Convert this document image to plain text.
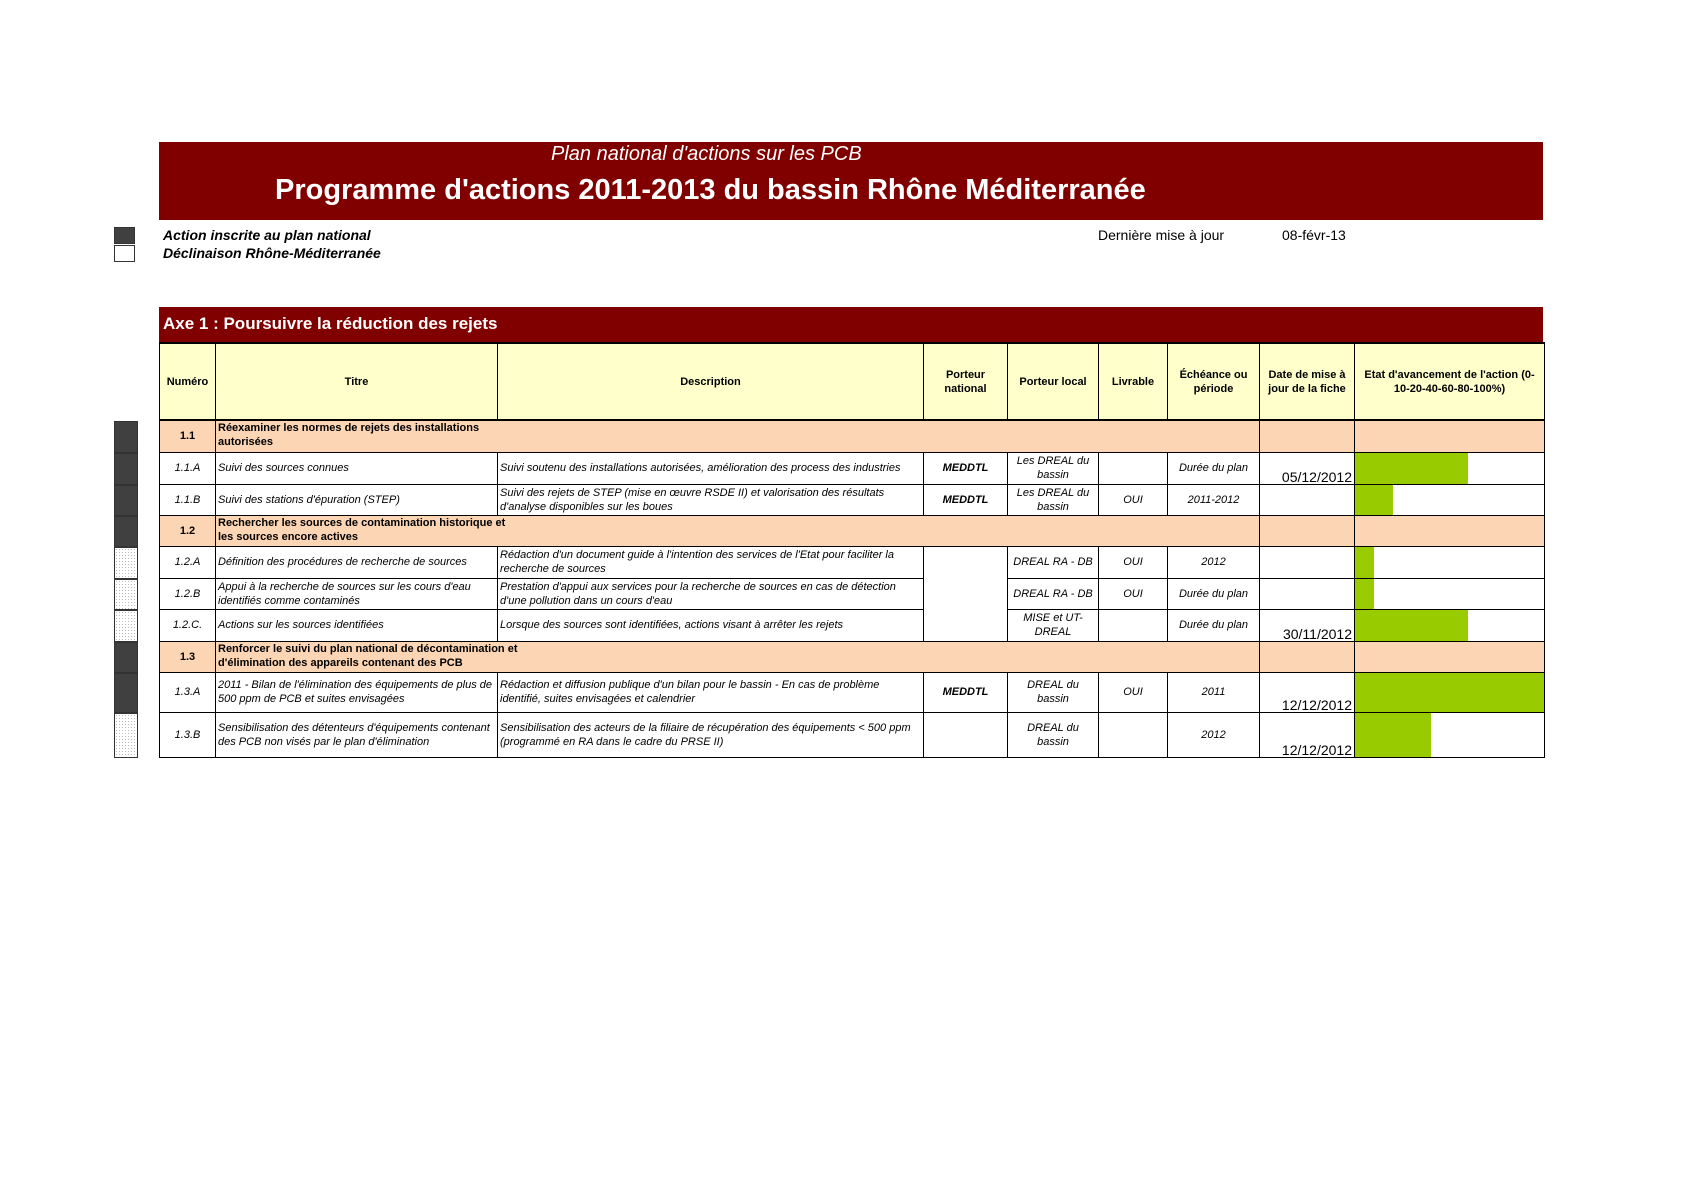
Plan national d'actions sur les PCB
Programme d'actions 2011-2013 du bassin Rhône Méditerranée
Action inscrite au plan national
Déclinaison Rhône-Méditerranée
Dernière mise à jour	08-févr-13
Axe 1 : Poursuivre la réduction des rejets
Numéro	Titre	Description	Porteur national	Porteur local	Livrable	Échéance ou période	Date de mise à jour de la fiche	Etat d'avancement de l'action (0-10-20-40-60-80-100%)
1.1	Réexaminer les normes de rejets des installations autorisées							
1.1.A	Suivi des sources connues	Suivi soutenu des installations autorisées, amélioration des process des industries	MEDDTL	Les DREAL du bassin		Durée du plan	05/12/2012	

1.1.B	Suivi des stations d'épuration (STEP)	Suivi des rejets de STEP (mise en œuvre RSDE II) et valorisation des résultats d'analyse disponibles sur les boues	MEDDTL	Les DREAL du bassin	OUI	2011-2012		

1.2	Rechercher les sources de contamination historique et les sources encore actives							
1.2.A	Définition des procédures de recherche de sources	Rédaction d'un document guide à l'intention des services de l'Etat pour faciliter la recherche de sources		DREAL RA - DB	OUI	2012		

1.2.B	Appui à la recherche de sources sur les cours d'eau identifiés comme contaminés	Prestation d'appui aux services pour la recherche de sources en cas de détection d'une pollution dans un cours d'eau		DREAL RA - DB	OUI	Durée du plan		

1.2.C.	Actions sur les sources identifiées	Lorsque des sources sont identifiées, actions visant à arrêter les rejets		MISE et UT-DREAL		Durée du plan	30/11/2012	

1.3	Renforcer le suivi du plan national de décontamination et d'élimination des appareils contenant des PCB							
1.3.A	2011 - Bilan de l'élimination des équipements de plus de 500 ppm de PCB et suites envisagées	Rédaction et diffusion publique d'un bilan pour le bassin - En cas de problème identifié, suites envisagées et calendrier	MEDDTL	DREAL du bassin	OUI	2011	12/12/2012	

1.3.B	Sensibilisation des détenteurs d'équipements contenant des PCB non visés par le plan d'élimination	Sensibilisation des acteurs de la filiaire de récupération des équipements < 500 ppm (programmé en RA dans le cadre du PRSE II)		DREAL du bassin		2012	12/12/2012	
